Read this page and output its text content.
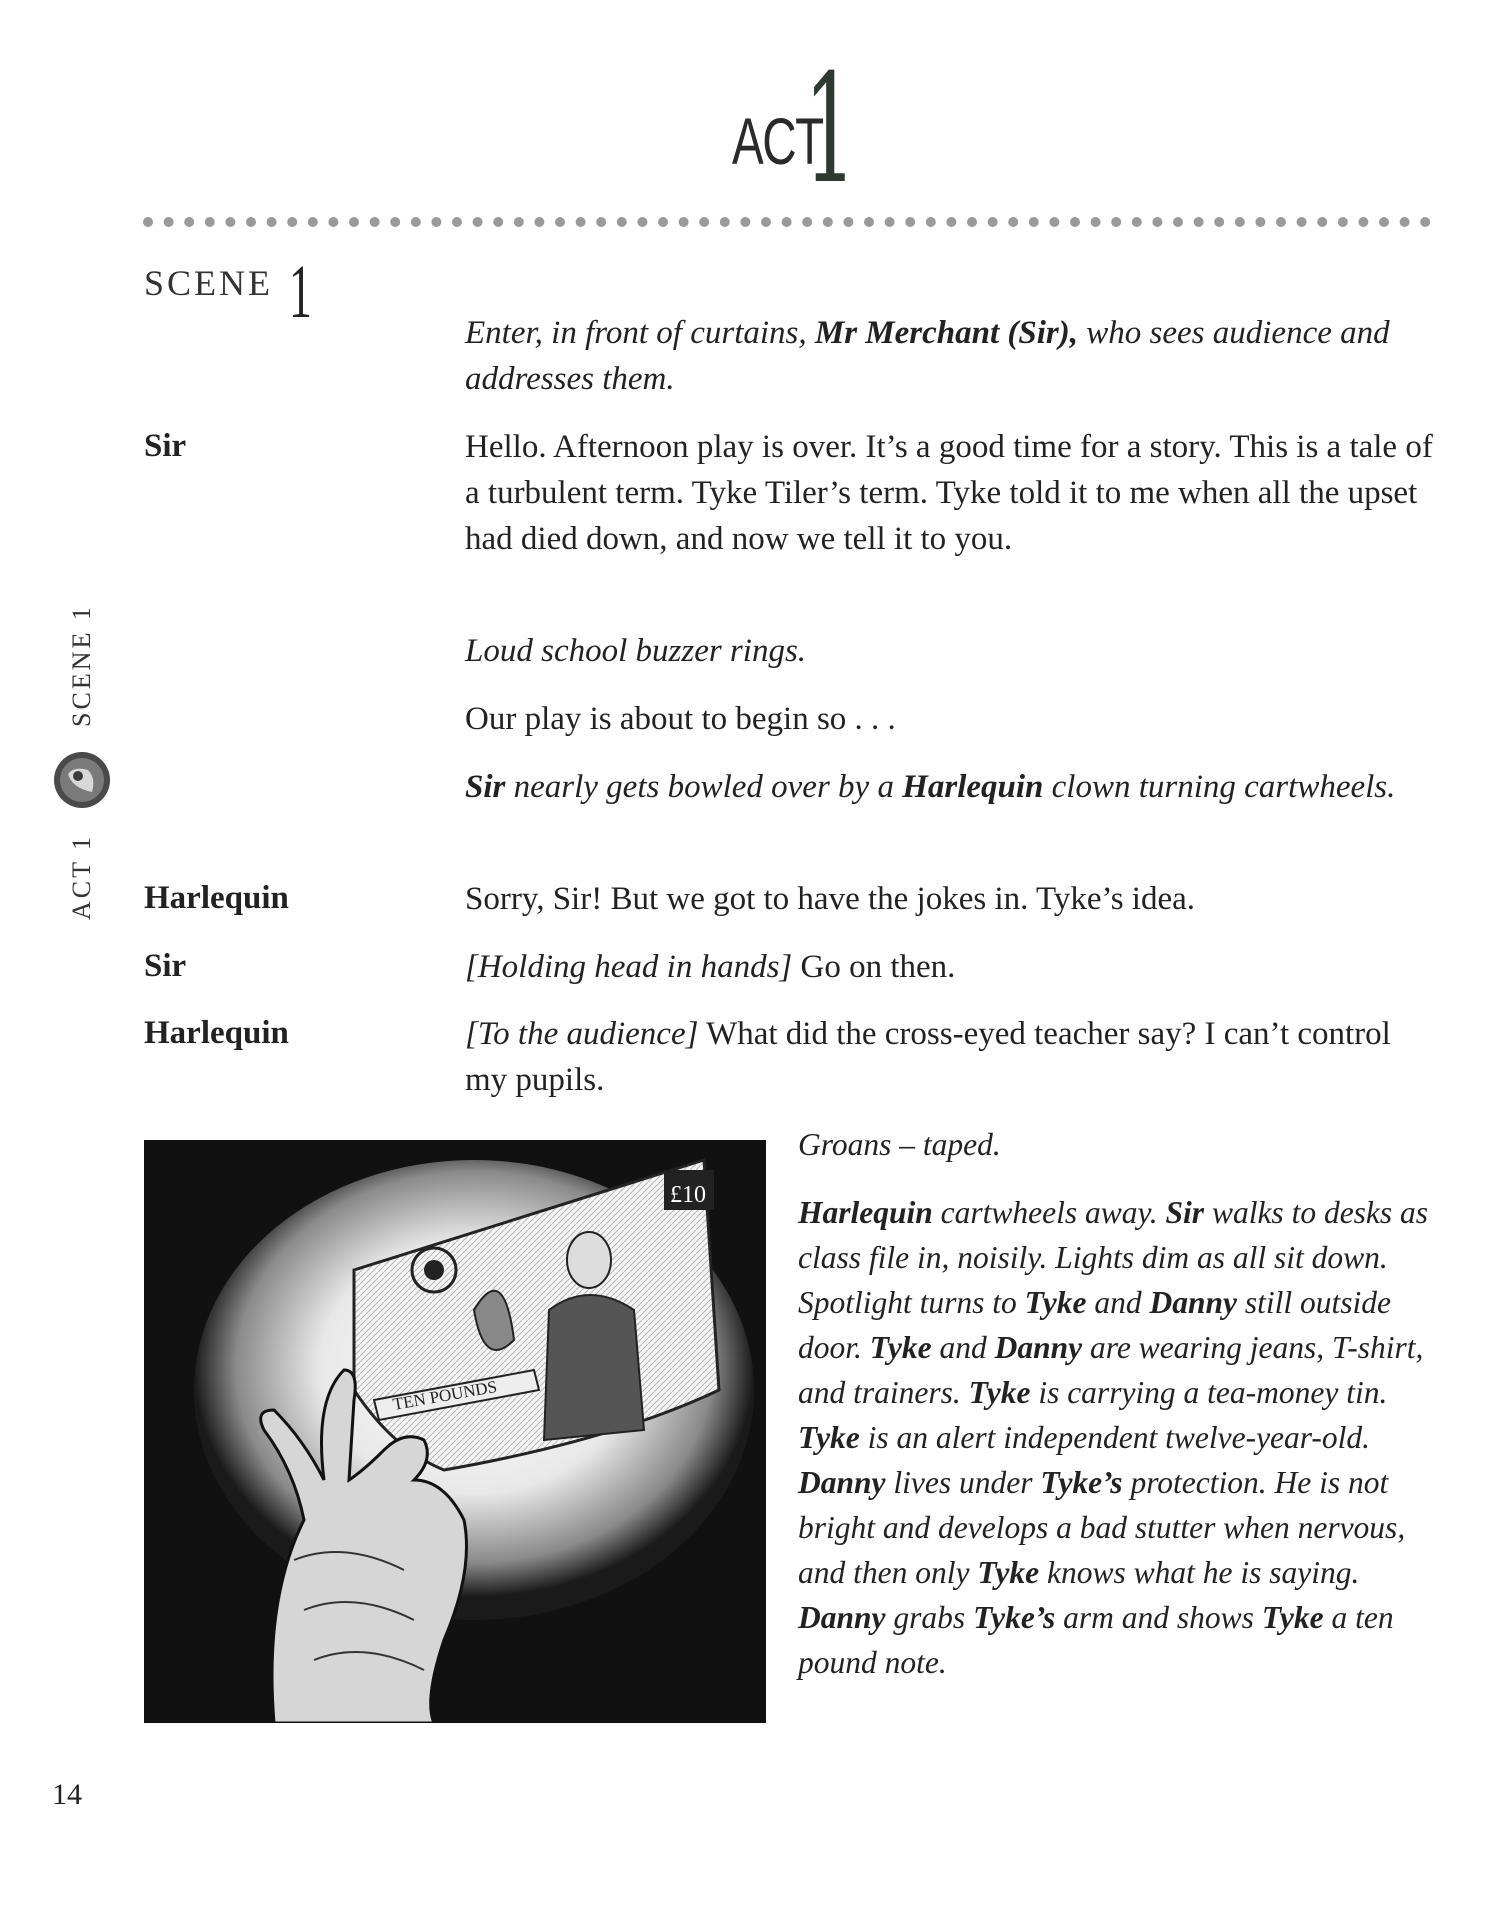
ACT
1
SCENE 1
ACT 1  SCENE 1
Enter, in front of curtains, Mr Merchant (Sir), who sees audience and addresses them.
Sir	Hello. Afternoon play is over. It’s a good time for a story. This is a tale of a turbulent term. Tyke Tiler’s term. Tyke told it to me when all the upset had died down, and now we tell it to you.
Loud school buzzer rings.
Our play is about to begin so . . .
Sir nearly gets bowled over by a Harlequin clown turning cartwheels.
Harlequin	Sorry, Sir! But we got to have the jokes in. Tyke’s idea.
Sir	[Holding head in hands] Go on then.
Harlequin	[To the audience] What did the cross-eyed teacher say? I can’t control my pupils.
£10
TEN POUNDS
Groans – taped.
Harlequin cartwheels away. Sir walks to desks as class file in, noisily. Lights dim as all sit down. Spotlight turns to Tyke and Danny still outside door. Tyke and Danny are wearing jeans, T-shirt, and trainers. Tyke is carrying a tea-money tin. Tyke is an alert independent twelve-year-old. Danny lives under Tyke’s protection. He is not bright and develops a bad stutter when nervous, and then only Tyke knows what he is saying. Danny grabs Tyke’s arm and shows Tyke a ten pound note.
14
